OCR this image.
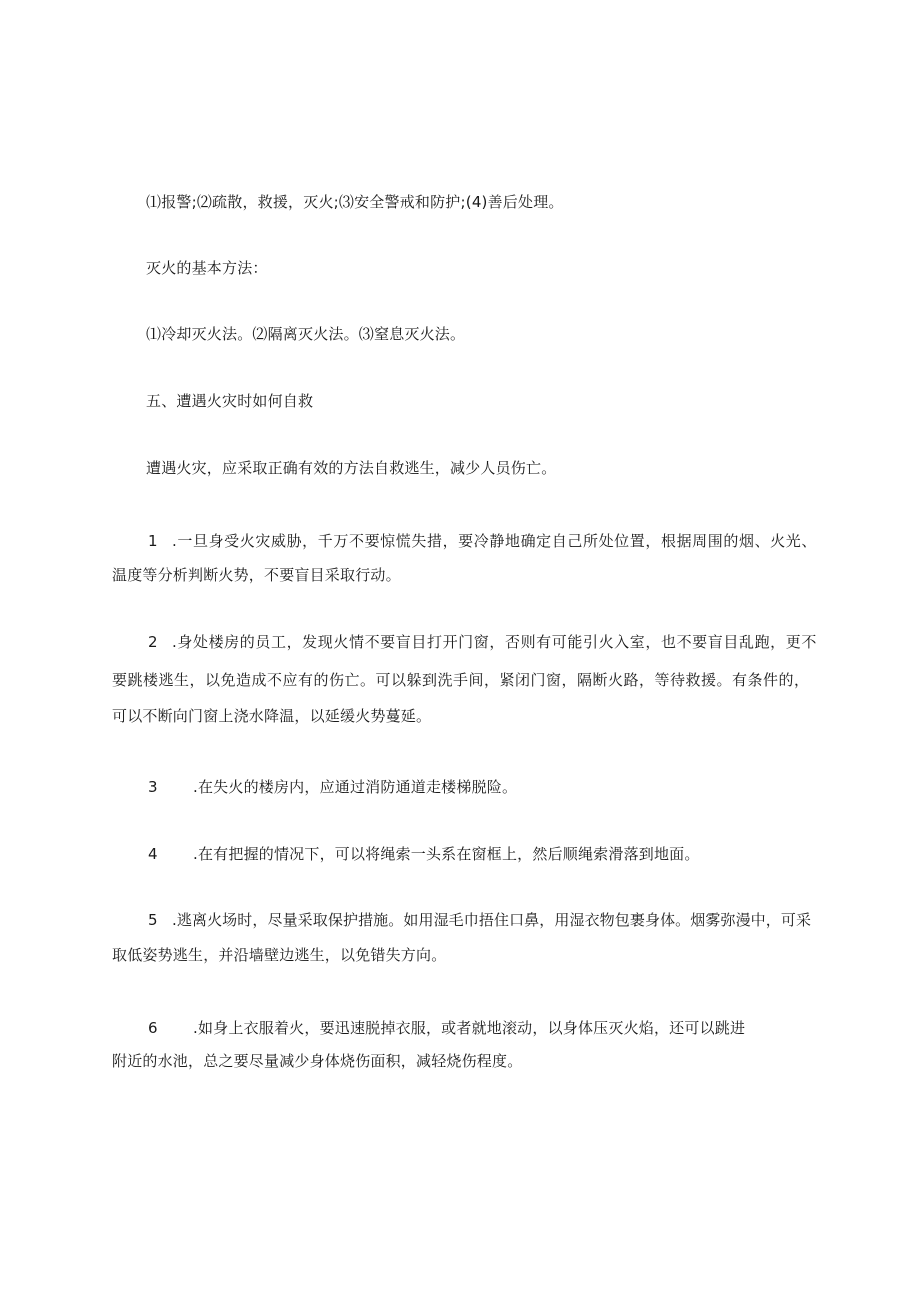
⑴报警;⑵疏散，救援，灭火;⑶安全警戒和防护;(4)善后处理。
灭火的基本方法：
⑴冷却灭火法。⑵隔离灭火法。⑶窒息灭火法。
五、遭遇火灾时如何自救
遭遇火灾，应采取正确有效的方法自救逃生，减少人员伤亡。
1 .一旦身受火灾威胁，千万不要惊慌失措，要冷静地确定自己所处位置，根据周围的烟、火光、
温度等分析判断火势，不要盲目采取行动。
2 .身处楼房的员工，发现火情不要盲目打开门窗，否则有可能引火入室，也不要盲目乱跑，更不
要跳楼逃生，以免造成不应有的伤亡。可以躲到洗手间，紧闭门窗，隔断火路，等待救援。有条件的，
可以不断向门窗上浇水降温，以延缓火势蔓延。
3 .在失火的楼房内，应通过消防通道走楼梯脱险。
4 .在有把握的情况下，可以将绳索一头系在窗框上，然后顺绳索滑落到地面。
5 .逃离火场时，尽量采取保护措施。如用湿毛巾捂住口鼻，用湿衣物包裹身体。烟雾弥漫中，可采
取低姿势逃生，并沿墙壁边逃生，以免错失方向。
6 .如身上衣服着火，要迅速脱掉衣服，或者就地滚动，以身体压灭火焰，还可以跳进
附近的水池，总之要尽量减少身体烧伤面积，减轻烧伤程度。
